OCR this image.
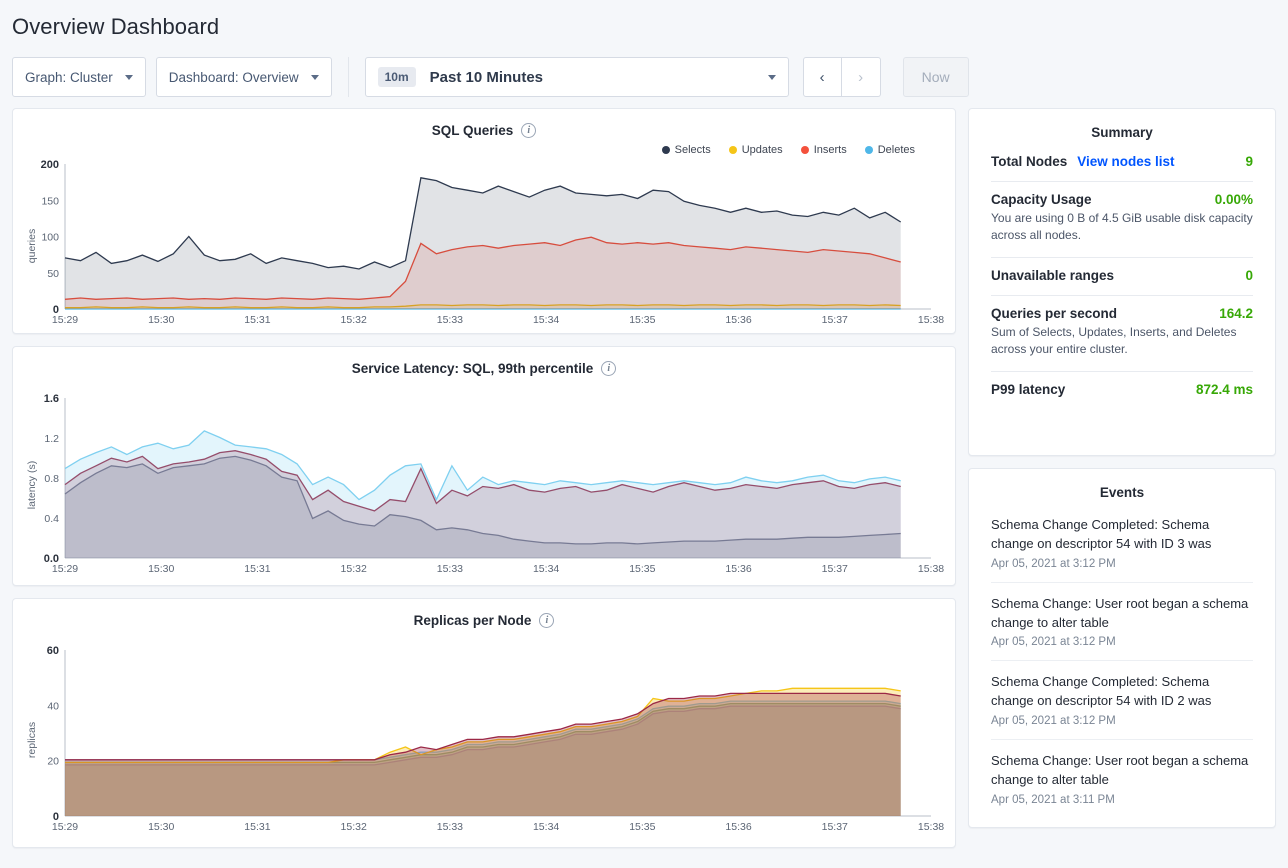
Overview Dashboard
Graph: Cluster	Dashboard: Overview	10m	Past 10 Minutes	‹	›	Now
SQL Queries	i
Selects	Updates	Inserts	Deletes
200
150
100
50
0
15:29	15:30	15:31	15:32	15:33	15:34	15:35	15:36	15:37	15:38
queries
Service Latency: SQL, 99th percentile	i
1.6
1.2
0.8
0.4
0.0
15:29	15:30	15:31	15:32	15:33	15:34	15:35	15:36	15:37	15:38
latency (s)
Replicas per Node	i
60
40
20
0
15:29	15:30	15:31	15:32	15:33	15:34	15:35	15:36	15:37	15:38
replicas
Summary
Total Nodes View nodes list	9
Capacity Usage	0.00%
You are using 0 B of 4.5 GiB usable disk capacity across all nodes.
Unavailable ranges	0
Queries per second	164.2
Sum of Selects, Updates, Inserts, and Deletes across your entire cluster.
P99 latency	872.4 ms
Events
Schema Change Completed: Schema change on descriptor 54 with ID 3 was
Apr 05, 2021 at 3:12 PM
Schema Change: User root began a schema change to alter table
Apr 05, 2021 at 3:12 PM
Schema Change Completed: Schema change on descriptor 54 with ID 2 was
Apr 05, 2021 at 3:12 PM
Schema Change: User root began a schema change to alter table
Apr 05, 2021 at 3:11 PM
